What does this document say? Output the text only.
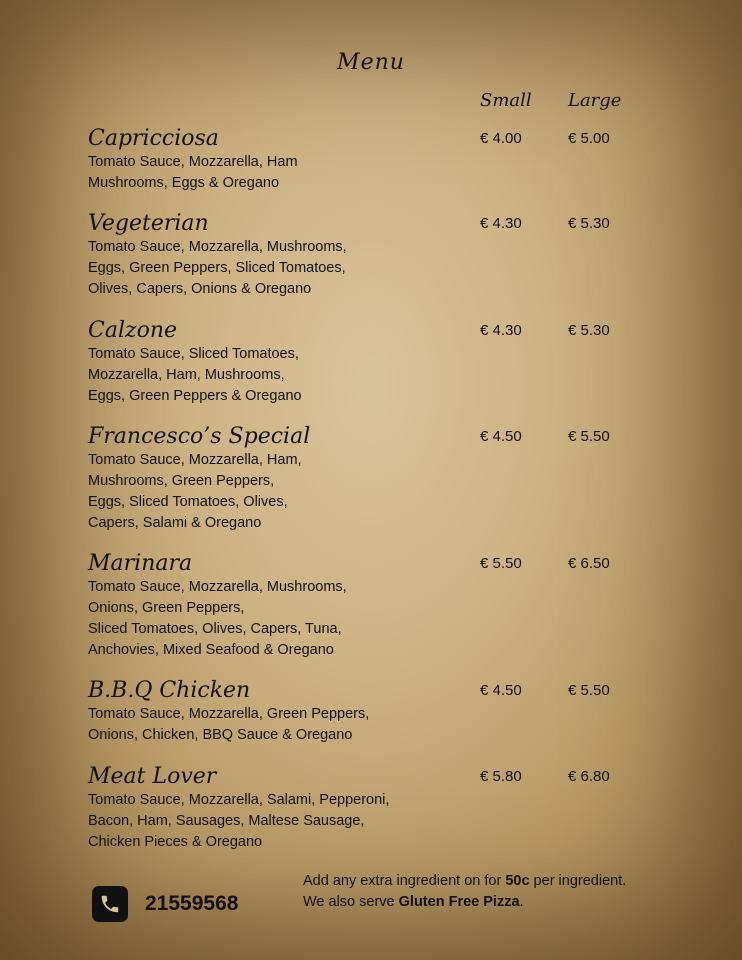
Menu
Small Large
Capricciosa
Tomato Sauce, Mozzarella, Ham
Mushrooms, Eggs & Oregano
€ 4.00	€ 5.00
Vegeterian
Tomato Sauce, Mozzarella, Mushrooms,
Eggs, Green Peppers, Sliced Tomatoes,
Olives, Capers, Onions & Oregano
€ 4.30	€ 5.30
Calzone
Tomato Sauce, Sliced Tomatoes,
Mozzarella, Ham, Mushrooms,
Eggs, Green Peppers & Oregano
€ 4.30	€ 5.30
Francesco’s Special
Tomato Sauce, Mozzarella, Ham,
Mushrooms, Green Peppers,
Eggs, Sliced Tomatoes, Olives,
Capers, Salami & Oregano
€ 4.50	€ 5.50
Marinara
Tomato Sauce, Mozzarella, Mushrooms,
Onions, Green Peppers,
Sliced Tomatoes, Olives, Capers, Tuna,
Anchovies, Mixed Seafood & Oregano
€ 5.50	€ 6.50
B.B.Q Chicken
Tomato Sauce, Mozzarella, Green Peppers,
Onions, Chicken, BBQ Sauce & Oregano
€ 4.50	€ 5.50
Meat Lover
Tomato Sauce, Mozzarella, Salami, Pepperoni,
Bacon, Ham, Sausages, Maltese Sausage,
Chicken Pieces & Oregano
€ 5.80	€ 6.80
21559568
Add any extra ingredient on for 50c per ingredient.
We also serve Gluten Free Pizza.
